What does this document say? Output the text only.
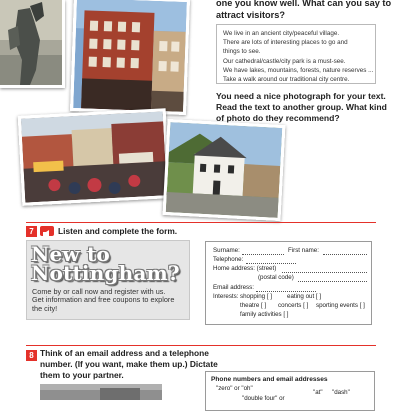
one you know well. What can you say to
attract visitors?
We live in an ancient city/peaceful village.
There are lots of interesting places to go and
things to see.
Our cathedral/castle/city park is a must-see.
We have lakes, mountains, forests, nature reserves ...
Take a walk around our traditional city centre.
You need a nice photograph for your text.
Read the text to another group. What kind
of photo do they recommend?
7	Listen and complete the form.
New to
Nottingham?
Come by or call now and register with us.
Get information and free coupons to explore
the city!
Surname:	First name:
Telephone:
Home address: (street)
(postal code)
Email address:
Interests: shopping [ ] eating out [ ]
theatre [ ] concerts [ ] sporting events [ ]
family activities [ ]
8 Think of an email address and a telephone
number. (If you want, make them up.) Dictate
them to your partner.	Phone numbers and email addresses
"zero" or "oh"
"at" "dash"
"double four" or
